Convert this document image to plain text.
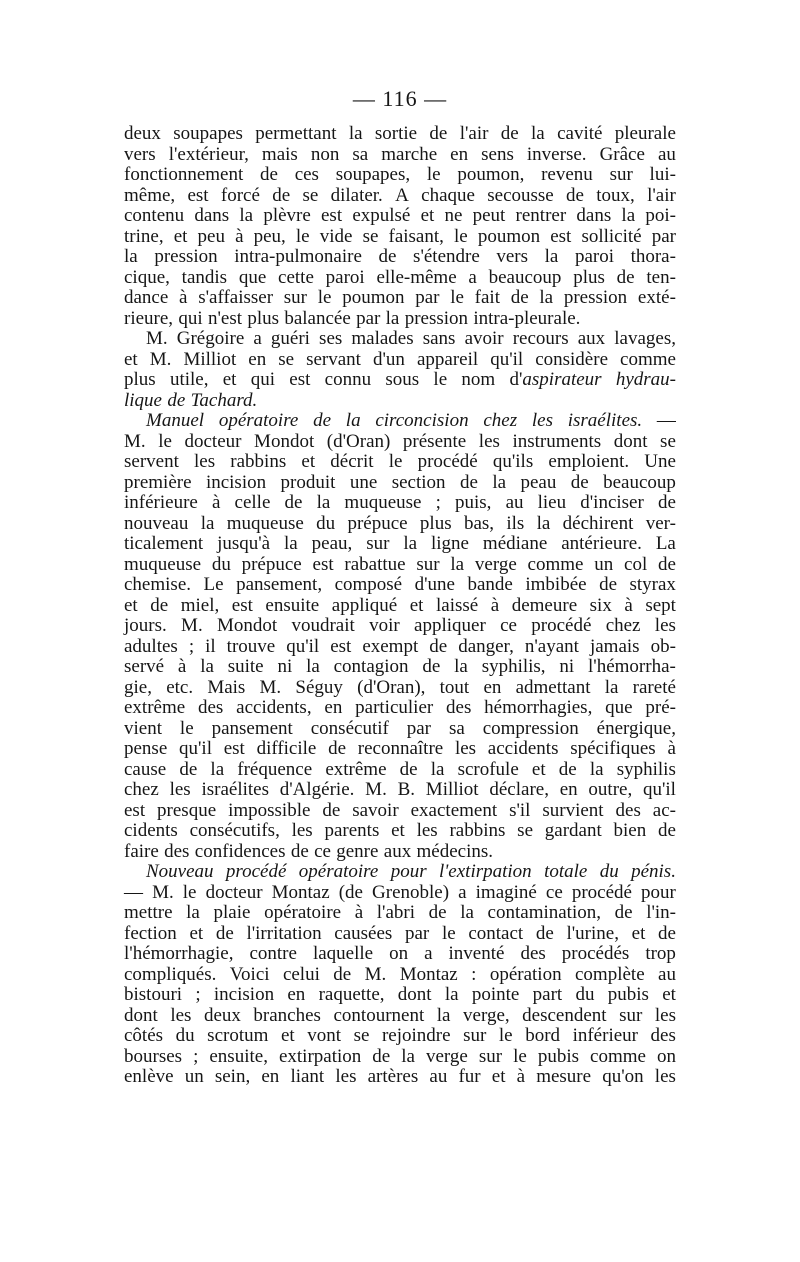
— 116 —

deux soupapes permettant la sortie de l'air de la cavité pleurale
vers l'extérieur, mais non sa marche en sens inverse. Grâce au
fonctionnement de ces soupapes, le poumon, revenu sur lui-
même, est forcé de se dilater. A chaque secousse de toux, l'air
contenu dans la plèvre est expulsé et ne peut rentrer dans la poi-
trine, et peu à peu, le vide se faisant, le poumon est sollicité par
la pression intra-pulmonaire de s'étendre vers la paroi thora-
cique, tandis que cette paroi elle-même a beaucoup plus de ten-
dance à s'affaisser sur le poumon par le fait de la pression exté-
rieure, qui n'est plus balancée par la pression intra-pleurale.
M. Grégoire a guéri ses malades sans avoir recours aux lavages,
et M. Milliot en se servant d'un appareil qu'il considère comme
plus utile, et qui est connu sous le nom d'aspirateur hydrau-
lique de Tachard.
Manuel opératoire de la circoncision chez les israélites. —
M. le docteur Mondot (d'Oran) présente les instruments dont se
servent les rabbins et décrit le procédé qu'ils emploient. Une
première incision produit une section de la peau de beaucoup
inférieure à celle de la muqueuse ; puis, au lieu d'inciser de
nouveau la muqueuse du prépuce plus bas, ils la déchirent ver-
ticalement jusqu'à la peau, sur la ligne médiane antérieure. La
muqueuse du prépuce est rabattue sur la verge comme un col de
chemise. Le pansement, composé d'une bande imbibée de styrax
et de miel, est ensuite appliqué et laissé à demeure six à sept
jours. M. Mondot voudrait voir appliquer ce procédé chez les
adultes ; il trouve qu'il est exempt de danger, n'ayant jamais ob-
servé à la suite ni la contagion de la syphilis, ni l'hémorrha-
gie, etc. Mais M. Séguy (d'Oran), tout en admettant la rareté
extrême des accidents, en particulier des hémorrhagies, que pré-
vient le pansement consécutif par sa compression énergique,
pense qu'il est difficile de reconnaître les accidents spécifiques à
cause de la fréquence extrême de la scrofule et de la syphilis
chez les israélites d'Algérie. M. B. Milliot déclare, en outre, qu'il
est presque impossible de savoir exactement s'il survient des ac-
cidents consécutifs, les parents et les rabbins se gardant bien de
faire des confidences de ce genre aux médecins.
Nouveau procédé opératoire pour l'extirpation totale du pénis.
— M. le docteur Montaz (de Grenoble) a imaginé ce procédé pour
mettre la plaie opératoire à l'abri de la contamination, de l'in-
fection et de l'irritation causées par le contact de l'urine, et de
l'hémorrhagie, contre laquelle on a inventé des procédés trop
compliqués. Voici celui de M. Montaz : opération complète au
bistouri ; incision en raquette, dont la pointe part du pubis et
dont les deux branches contournent la verge, descendent sur les
côtés du scrotum et vont se rejoindre sur le bord inférieur des
bourses ; ensuite, extirpation de la verge sur le pubis comme on
enlève un sein, en liant les artères au fur et à mesure qu'on les
